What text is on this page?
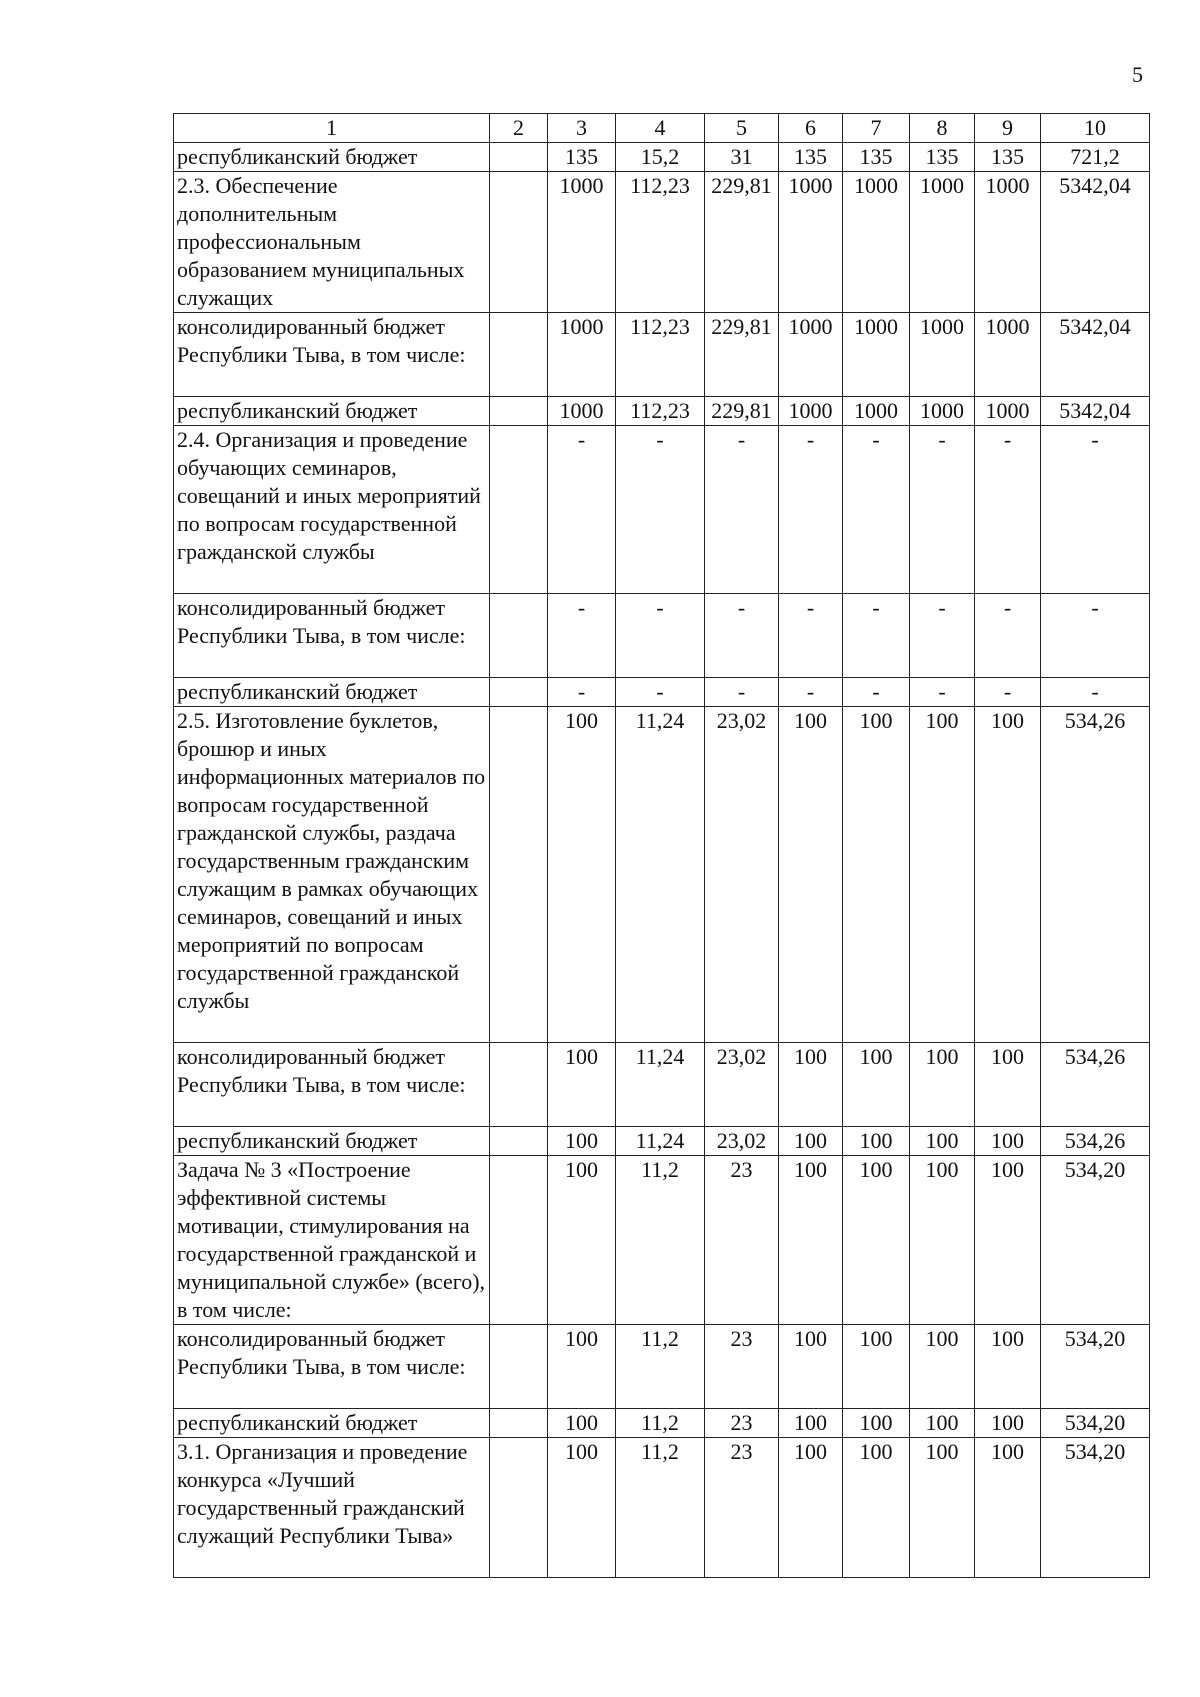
5
1	2	3	4	5	6	7	8	9	10
республиканский бюджет		135	15,2	31	135	135	135	135	721,2
2.3. Обеспечение дополнительным профессиональным образованием муниципальных служащих		1000	112,23	229,81	1000	1000	1000	1000	5342,04
консолидированный бюджет Республики Тыва, в том числе:		1000	112,23	229,81	1000	1000	1000	1000	5342,04
республиканский бюджет		1000	112,23	229,81	1000	1000	1000	1000	5342,04
2.4. Организация и проведение обучающих семинаров, совещаний и иных мероприятий по вопросам государственной гражданской службы		-	-	-	-	-	-	-	-
консолидированный бюджет Республики Тыва, в том числе:		-	-	-	-	-	-	-	-
республиканский бюджет		-	-	-	-	-	-	-	-
2.5. Изготовление буклетов, брошюр и иных информационных материалов по вопросам государственной гражданской службы, раздача государственным гражданским служащим в рамках обучающих семинаров, совещаний и иных мероприятий по вопросам государственной гражданской службы		100	11,24	23,02	100	100	100	100	534,26
консолидированный бюджет Республики Тыва, в том числе:		100	11,24	23,02	100	100	100	100	534,26
республиканский бюджет		100	11,24	23,02	100	100	100	100	534,26
Задача № 3 «Построение эффективной системы мотивации, стимулирования на государственной гражданской и муниципальной службе» (всего), в том числе:		100	11,2	23	100	100	100	100	534,20
консолидированный бюджет Республики Тыва, в том числе:		100	11,2	23	100	100	100	100	534,20
республиканский бюджет		100	11,2	23	100	100	100	100	534,20
3.1. Организация и проведение конкурса «Лучший государственный гражданский служащий Республики Тыва»		100	11,2	23	100	100	100	100	534,20
